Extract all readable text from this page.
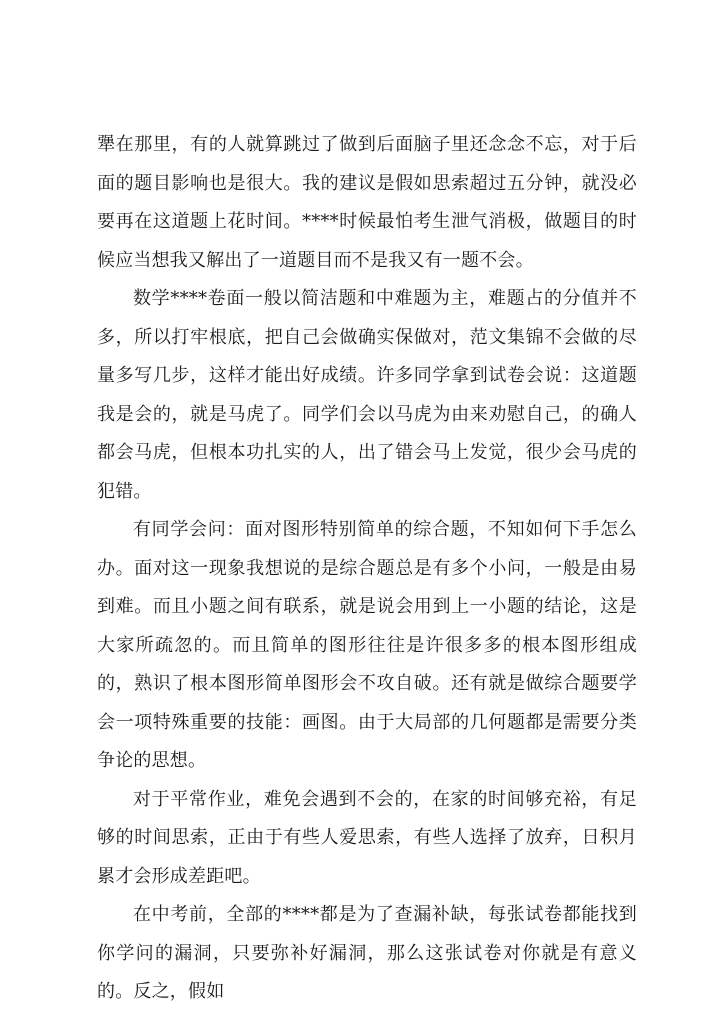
犟在那里，有的人就算跳过了做到后面脑子里还念念不忘，对于后面的题目影响也是很大。我的建议是假如思索超过五分钟，就没必要再在这道题上花时间。****时候最怕考生泄气消极，做题目的时候应当想我又解出了一道题目而不是我又有一题不会。

数学****卷面一般以简洁题和中难题为主，难题占的分值并不多，所以打牢根底，把自己会做确实保做对，范文集锦不会做的尽量多写几步，这样才能出好成绩。许多同学拿到试卷会说：这道题我是会的，就是马虎了。同学们会以马虎为由来劝慰自己，的确人都会马虎，但根本功扎实的人，出了错会马上发觉，很少会马虎的犯错。

有同学会问：面对图形特别简单的综合题，不知如何下手怎么办。面对这一现象我想说的是综合题总是有多个小问，一般是由易到难。而且小题之间有联系，就是说会用到上一小题的结论，这是大家所疏忽的。而且简单的图形往往是许很多多的根本图形组成的，熟识了根本图形简单图形会不攻自破。还有就是做综合题要学会一项特殊重要的技能：画图。由于大局部的几何题都是需要分类争论的思想。

对于平常作业，难免会遇到不会的，在家的时间够充裕，有足够的时间思索，正由于有些人爱思索，有些人选择了放弃，日积月累才会形成差距吧。

在中考前，全部的****都是为了查漏补缺，每张试卷都能找到你学问的漏洞，只要弥补好漏洞，那么这张试卷对你就是有意义的。反之，假如
